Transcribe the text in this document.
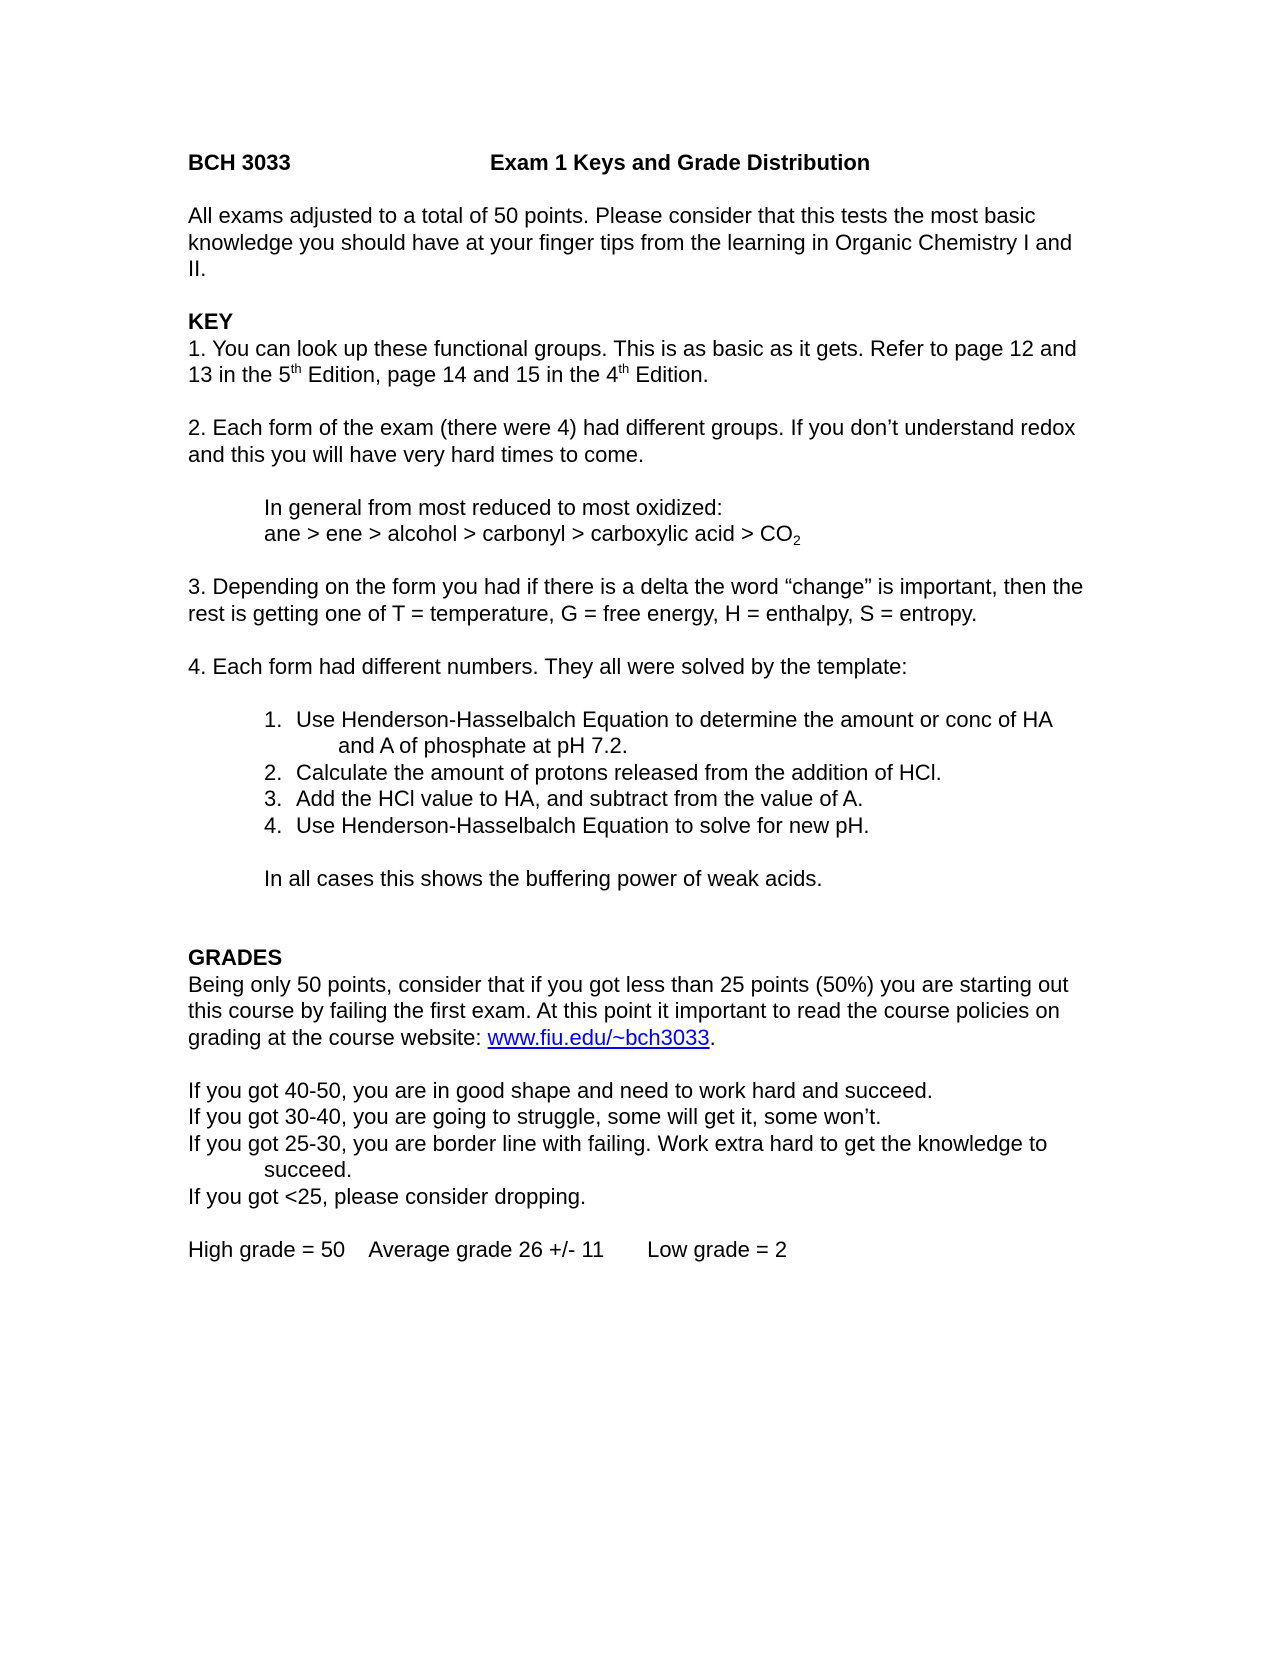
BCH 3033	Exam 1 Keys and Grade Distribution

All exams adjusted to a total of 50 points. Please consider that this tests the most basic knowledge you should have at your finger tips from the learning in Organic Chemistry I and II.

KEY

1. You can look up these functional groups. This is as basic as it gets. Refer to page 12 and 13 in the 5th Edition, page 14 and 15 in the 4th Edition.

2. Each form of the exam (there were 4) had different groups. If you don’t understand redox and this you will have very hard times to come.

In general from most reduced to most oxidized:

ane > ene > alcohol > carbonyl > carboxylic acid > $CO_2$

3. Depending on the form you had if there is a delta the word “change” is important, then the rest is getting one of T = temperature, G = free energy, H = enthalpy, S = entropy.

4. Each form had different numbers. They all were solved by the template:

1. Use Henderson-Hasselbalch Equation to determine the amount or conc of HA
and A of phosphate at pH 7.2.
2. Calculate the amount of protons released from the addition of HCl.
3. Add the HCl value to HA, and subtract from the value of A.
4. Use Henderson-Hasselbalch Equation to solve for new pH.

In all cases this shows the buffering power of weak acids.

GRADES

Being only 50 points, consider that if you got less than 25 points (50%) you are starting out this course by failing the first exam. At this point it important to read the course policies on grading at the course website: www.fiu.edu/~bch3033.

If you got 40-50, you are in good shape and need to work hard and succeed.

If you got 30-40, you are going to struggle, some will get it, some won’t.

If you got 25-30, you are border line with failing. Work extra hard to get the knowledge to succeed.

If you got <25, please consider dropping.

High grade = 50 Average grade 26 +/- 11 Low grade = 2
